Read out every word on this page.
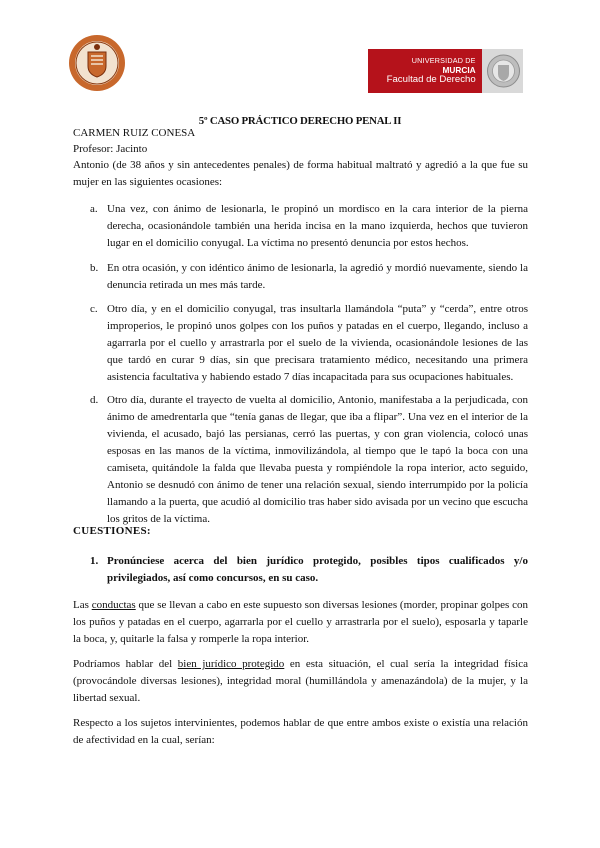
UNIVERSIDAD DE
MURCIA
Facultad de Derecho
5º CASO PRÁCTICO DERECHO PENAL II
CARMEN RUIZ CONESA
Profesor: Jacinto
Antonio (de 38 años y sin antecedentes penales) de forma habitual maltrató y agredió a la que fue su mujer en las siguientes ocasiones:
a. Una vez, con ánimo de lesionarla, le propinó un mordisco en la cara interior de la pierna derecha, ocasionándole también una herida incisa en la mano izquierda, hechos que tuvieron lugar en el domicilio conyugal. La víctima no presentó denuncia por estos hechos.
b. En otra ocasión, y con idéntico ánimo de lesionarla, la agredió y mordió nuevamente, siendo la denuncia retirada un mes más tarde.
c. Otro día, y en el domicilio conyugal, tras insultarla llamándola “puta” y “cerda”, entre otros improperios, le propinó unos golpes con los puños y patadas en el cuerpo, llegando, incluso a agarrarla por el cuello y arrastrarla por el suelo de la vivienda, ocasionándole lesiones de las que tardó en curar 9 días, sin que precisara tratamiento médico, necesitando una primera asistencia facultativa y habiendo estado 7 días incapacitada para sus ocupaciones habituales.
d. Otro día, durante el trayecto de vuelta al domicilio, Antonio, manifestaba a la perjudicada, con ánimo de amedrentarla que “tenía ganas de llegar, que iba a flipar”. Una vez en el interior de la vivienda, el acusado, bajó las persianas, cerró las puertas, y con gran violencia, colocó unas esposas en las manos de la víctima, inmovilizándola, al tiempo que le tapó la boca con una camiseta, quitándole la falda que llevaba puesta y rompiéndole la ropa interior, acto seguido, Antonio se desnudó con ánimo de tener una relación sexual, siendo interrumpido por la policía llamando a la puerta, que acudió al domicilio tras haber sido avisada por un vecino que escucha los gritos de la víctima.
CUESTIONES:
1. Pronúnciese acerca del bien jurídico protegido, posibles tipos cualificados y/o privilegiados, así como concursos, en su caso.
Las conductas que se llevan a cabo en este supuesto son diversas lesiones (morder, propinar golpes con los puños y patadas en el cuerpo, agarrarla por el cuello y arrastrarla por el suelo), esposarla y taparle la boca, y, quitarle la falsa y romperle la ropa interior.
Podríamos hablar del bien jurídico protegido en esta situación, el cual sería la integridad física (provocándole diversas lesiones), integridad moral (humillándola y amenazándola) de la mujer, y la libertad sexual.
Respecto a los sujetos intervinientes, podemos hablar de que entre ambos existe o existía una relación de afectividad en la cual, serían:
